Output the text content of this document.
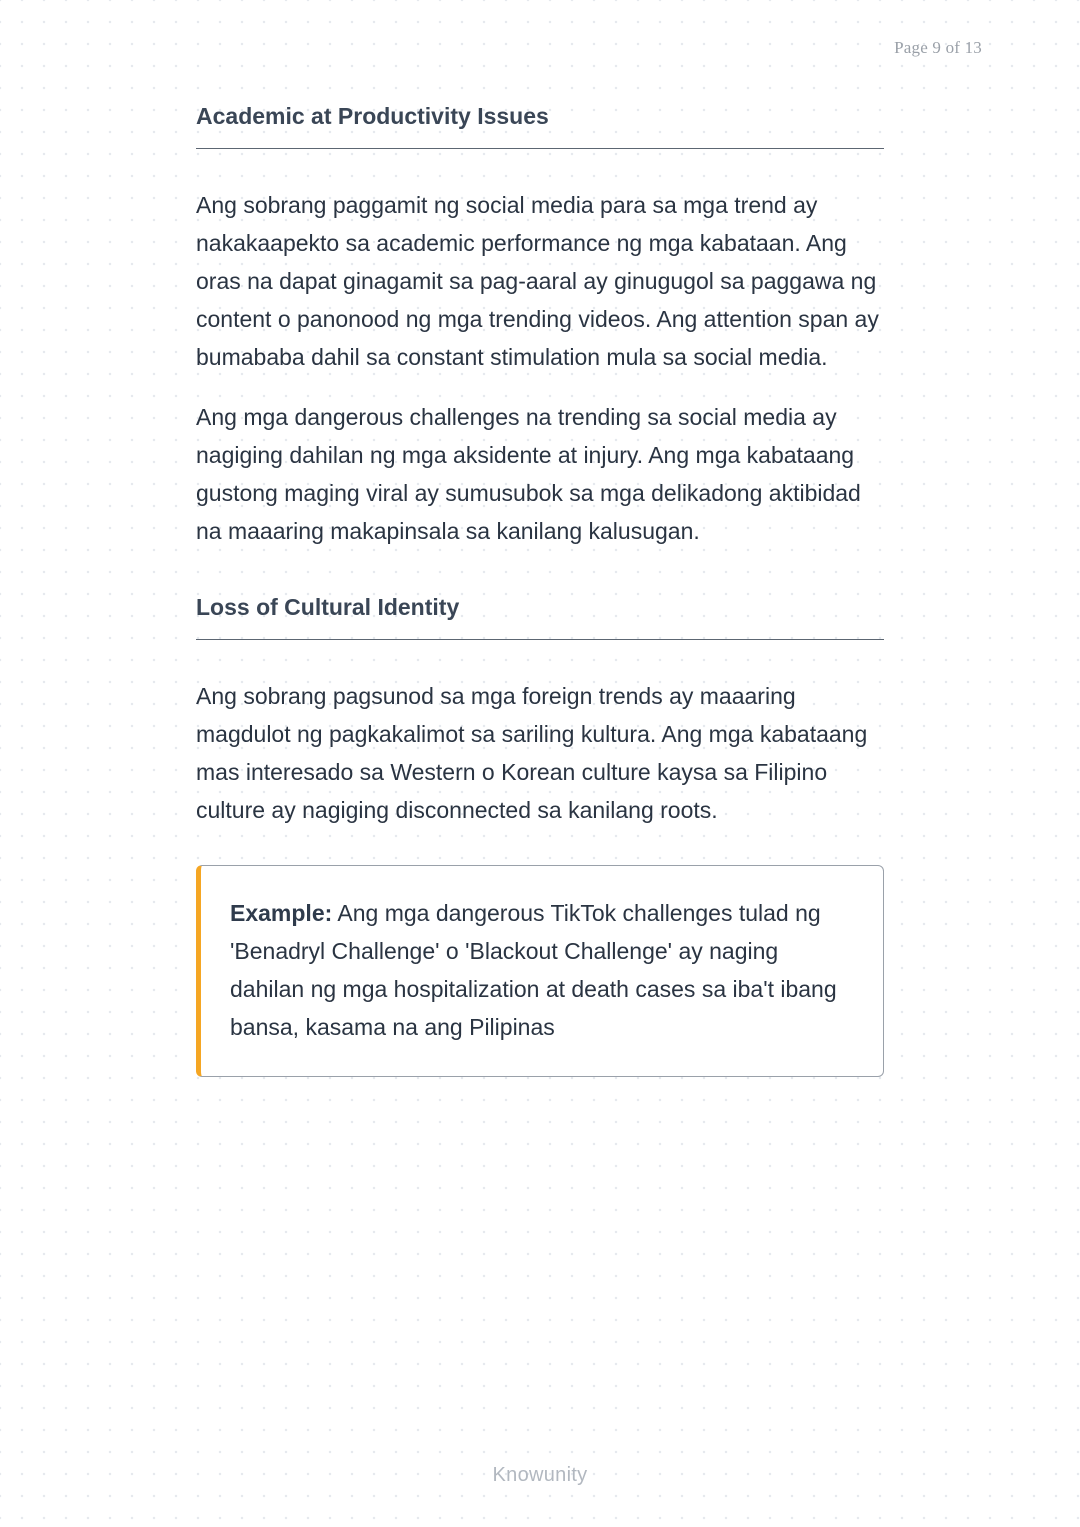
Page 9 of 13
Academic at Productivity Issues

Ang sobrang paggamit ng social media para sa mga trend ay nakakaapekto sa academic performance ng mga kabataan. Ang oras na dapat ginagamit sa pag-aaral ay ginugugol sa paggawa ng content o panonood ng mga trending videos. Ang attention span ay bumababa dahil sa constant stimulation mula sa social media.

Ang mga dangerous challenges na trending sa social media ay nagiging dahilan ng mga aksidente at injury. Ang mga kabataang gustong maging viral ay sumusubok sa mga delikadong aktibidad na maaaring makapinsala sa kanilang kalusugan.

Loss of Cultural Identity

Ang sobrang pagsunod sa mga foreign trends ay maaaring magdulot ng pagkakalimot sa sariling kultura. Ang mga kabataang mas interesado sa Western o Korean culture kaysa sa Filipino culture ay nagiging disconnected sa kanilang roots.

Example: Ang mga dangerous TikTok challenges tulad ng 'Benadryl Challenge' o 'Blackout Challenge' ay naging dahilan ng mga hospitalization at death cases sa iba't ibang bansa, kasama na ang Pilipinas

Knowunity
